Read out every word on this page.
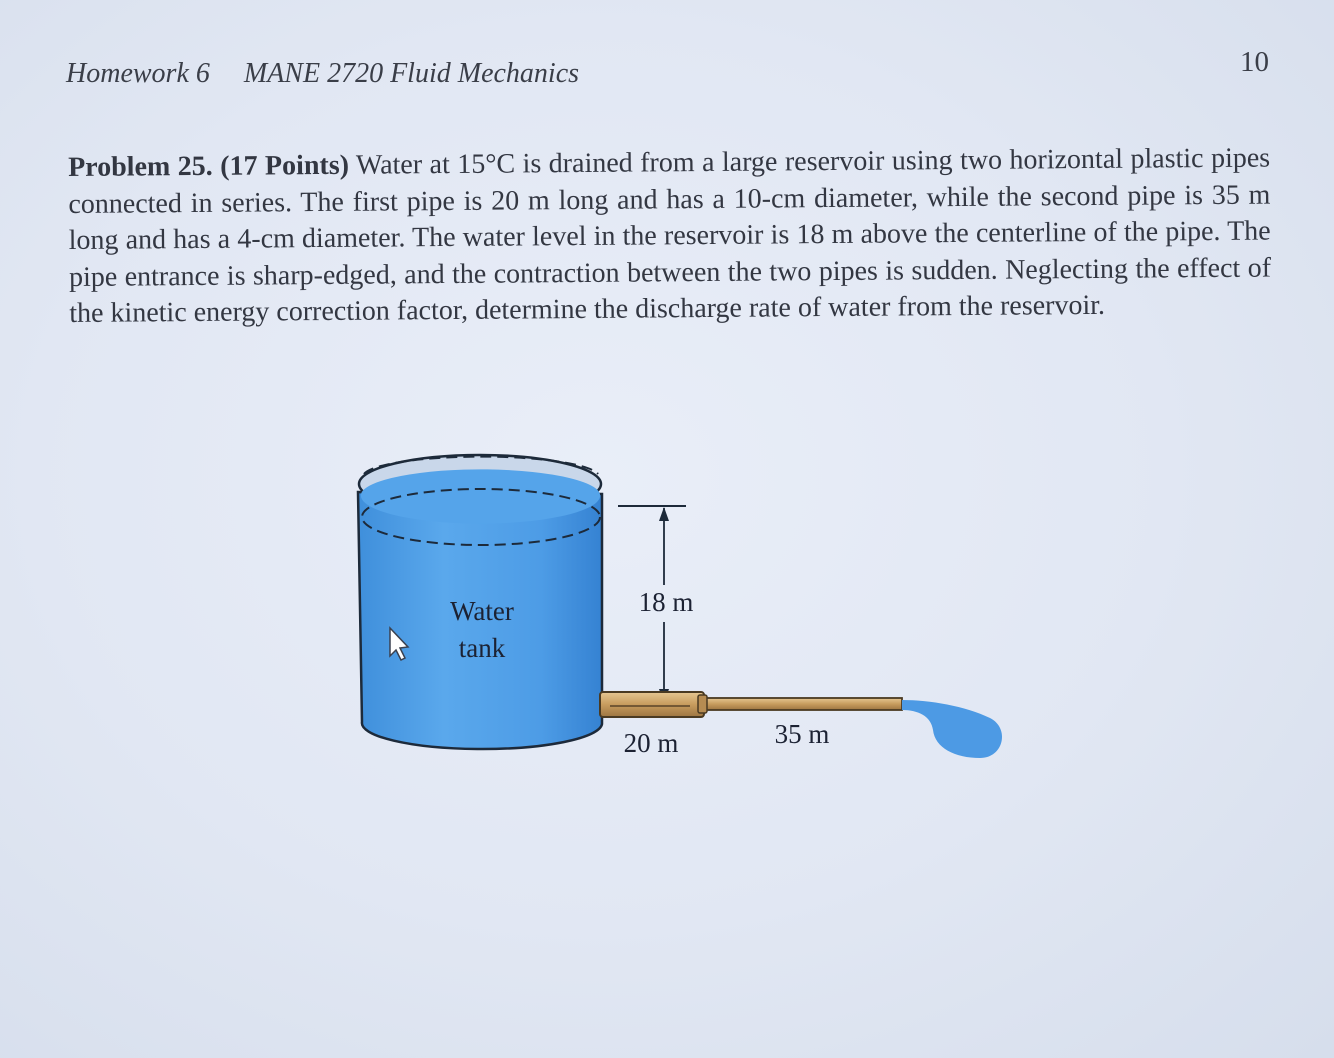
Homework 6 MANE 2720 Fluid Mechanics	10
Problem 25. (17 Points) Water at 15°C is drained from a large reservoir using two horizontal plastic pipes connected in series. The first pipe is 20 m long and has a 10-cm diameter, while the second pipe is 35 m long and has a 4-cm diameter. The water level in the reservoir is 18 m above the centerline of the pipe. The pipe entrance is sharp-edged, and the contraction between the two pipes is sudden. Neglecting the effect of the kinetic energy correction factor, determine the discharge rate of water from the reservoir.
Water
tank
18 m
20 m	35 m
